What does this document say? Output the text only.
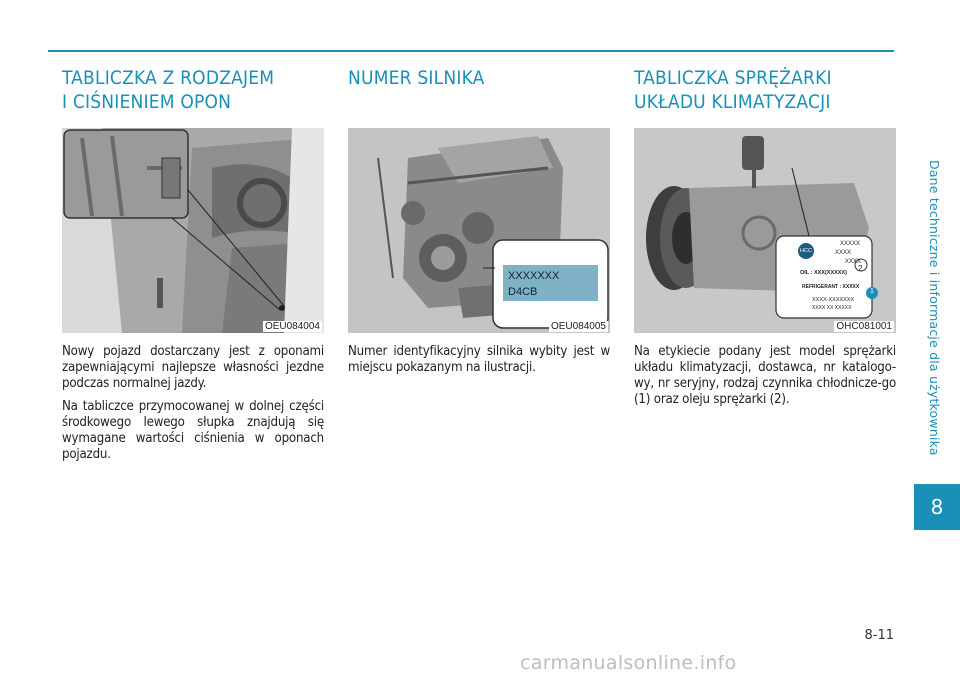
TABLICZKA Z RODZAJEM
I CIŚNIENIEM OPON
OEU084004

Nowy pojazd dostarczany jest z oponami zapewniającymi najlepsze własności jezdne podczas normalnej jazdy.

Na tabliczce przymocowanej w dolnej części środkowego lewego słupka znajdują się wymagane wartości ciśnienia w oponach pojazdu.

NUMER SILNIKA
XXXXXXX
D4CB
OEU084005

Numer identyfikacyjny silnika wybity jest w miejscu pokazanym na ilustracji.

TABLICZKA SPRĘŻARKI
UKŁADU KLIMATYZACJI
HCC
XXXXX
XXXX
XXXX
OIL : XXX(XXXXX) 2
REFRIGERANT : XXXXX
1
XXXX-XXXXXXX
XXXX XX XXXXX
OHC081001

Na etykiecie podany jest model sprężarki układu klimatyzacji, dostawca, nr katalogo-wy, nr seryjny, rodzaj czynnika chłodnicze-go (1) oraz oleju sprężarki (2).	Dane techniczne i informacje dla użytkownika
8
8-11
carmanualsonline.info
